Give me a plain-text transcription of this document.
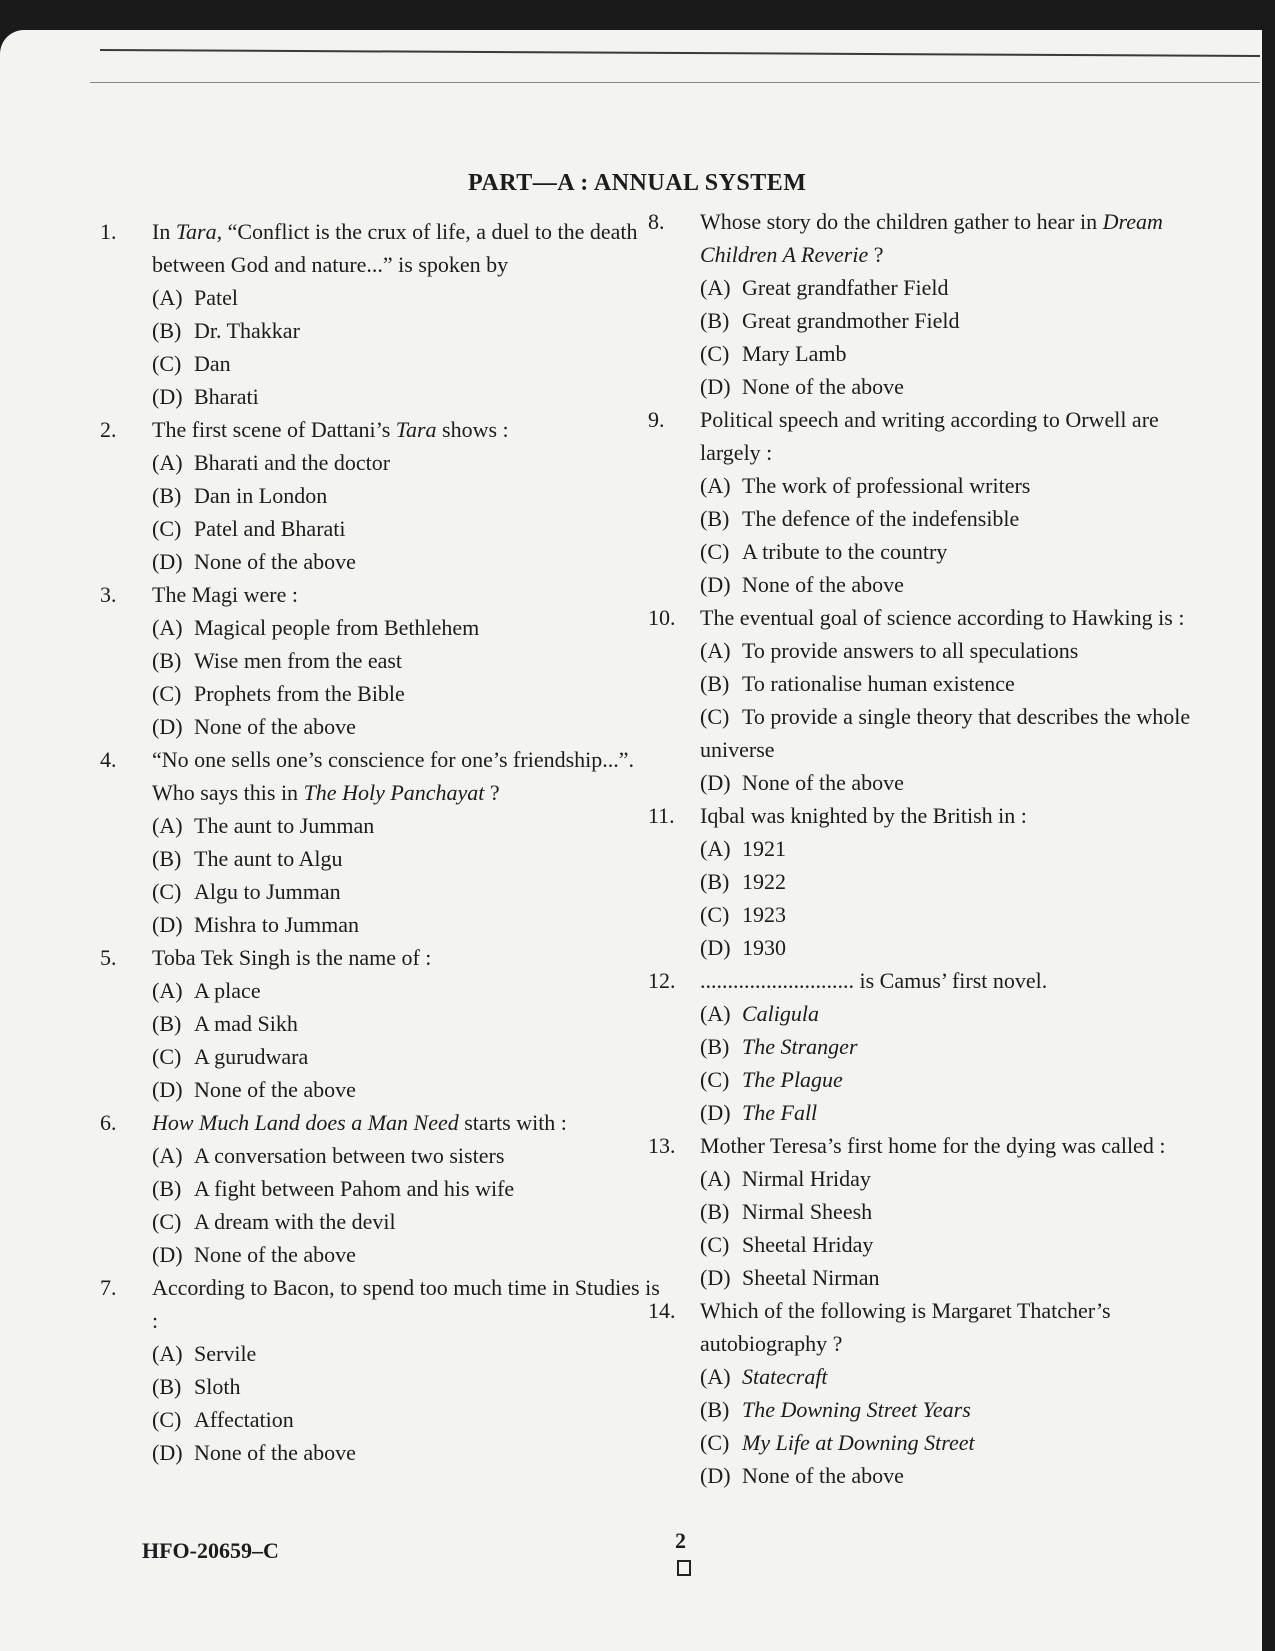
PART—A : ANNUAL SYSTEM
1. In Tara, “Conflict is the crux of life, a duel to the death between God and nature...” is spoken by
(A) Patel
(B) Dr. Thakkar
(C) Dan
(D) Bharati
2. The first scene of Dattani’s Tara shows :
(A) Bharati and the doctor
(B) Dan in London
(C) Patel and Bharati
(D) None of the above
3. The Magi were :
(A) Magical people from Bethlehem
(B) Wise men from the east
(C) Prophets from the Bible
(D) None of the above
4. “No one sells one’s conscience for one’s friendship...”. Who says this in The Holy Panchayat ?
(A) The aunt to Jumman
(B) The aunt to Algu
(C) Algu to Jumman
(D) Mishra to Jumman
5. Toba Tek Singh is the name of :
(A) A place
(B) A mad Sikh
(C) A gurudwara
(D) None of the above
6. How Much Land does a Man Need starts with :
(A) A conversation between two sisters
(B) A fight between Pahom and his wife
(C) A dream with the devil
(D) None of the above
7. According to Bacon, to spend too much time in Studies is :
(A) Servile
(B) Sloth
(C) Affectation
(D) None of the above
8. Whose story do the children gather to hear in Dream Children A Reverie ?
(A) Great grandfather Field
(B) Great grandmother Field
(C) Mary Lamb
(D) None of the above
9. Political speech and writing according to Orwell are largely :
(A) The work of professional writers
(B) The defence of the indefensible
(C) A tribute to the country
(D) None of the above
10. The eventual goal of science according to Hawking is :
(A) To provide answers to all speculations
(B) To rationalise human existence
(C) To provide a single theory that describes the whole universe
(D) None of the above
11. Iqbal was knighted by the British in :
(A) 1921
(B) 1922
(C) 1923
(D) 1930
12. ............................ is Camus’ first novel.
(A) Caligula
(B) The Stranger
(C) The Plague
(D) The Fall
13. Mother Teresa’s first home for the dying was called :
(A) Nirmal Hriday
(B) Nirmal Sheesh
(C) Sheetal Hriday
(D) Sheetal Nirman
14. Which of the following is Margaret Thatcher’s autobiography ?
(A) Statecraft
(B) The Downing Street Years
(C) My Life at Downing Street
(D) None of the above
HFO-20659–C	2
